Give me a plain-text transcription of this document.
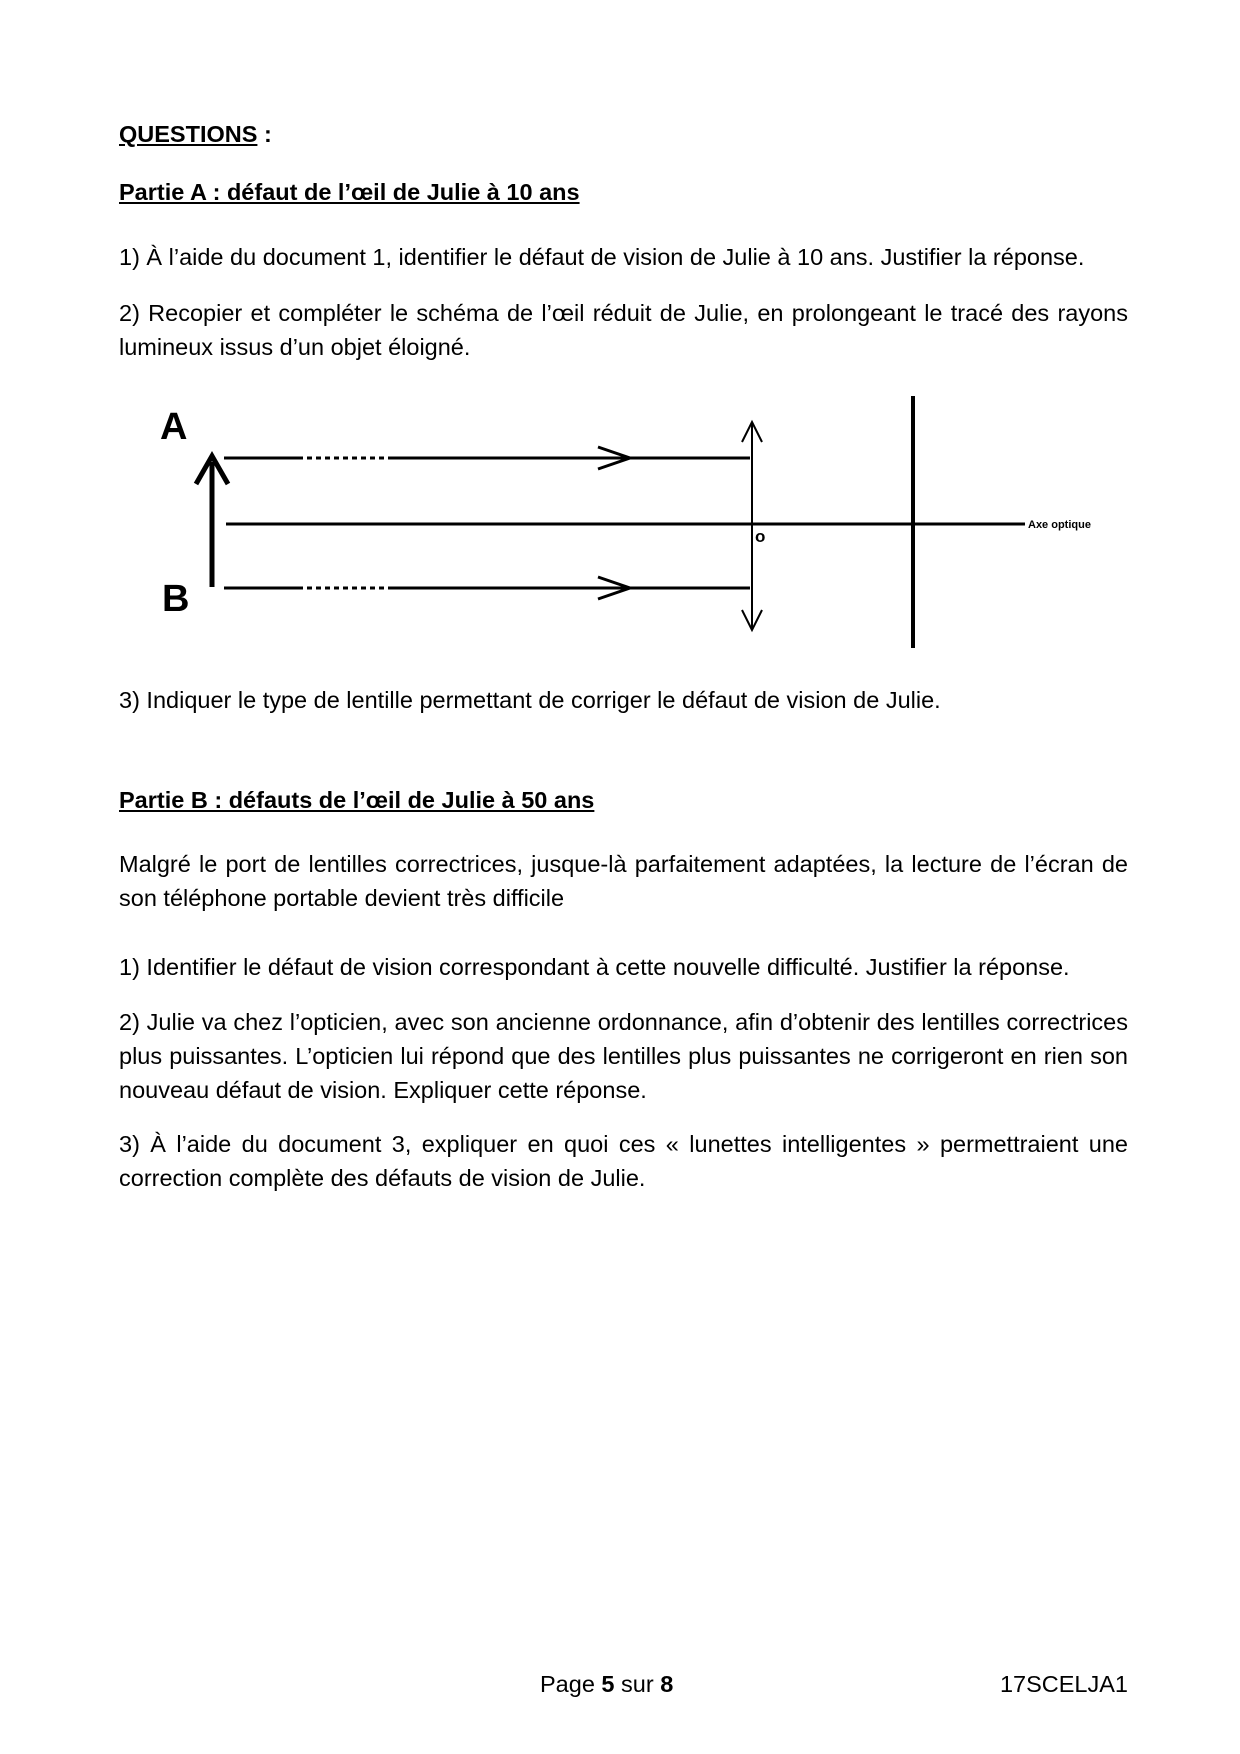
QUESTIONS :
Partie A : défaut de l’œil de Julie à 10 ans
1) À l’aide du document 1, identifier le défaut de vision de Julie à 10 ans. Justifier la réponse.
2) Recopier et compléter le schéma de l’œil réduit de Julie, en prolongeant le tracé des rayons lumineux issus d’un objet éloigné.
A
B
Axe optique
o
3) Indiquer le type de lentille permettant de corriger le défaut de vision de Julie.
Partie B : défauts de l’œil de Julie à 50 ans
Malgré le port de lentilles correctrices, jusque-là parfaitement adaptées, la lecture de l’écran de son téléphone portable devient très difficile
1) Identifier le défaut de vision correspondant à cette nouvelle difficulté. Justifier la réponse.
2) Julie va chez l’opticien, avec son ancienne ordonnance, afin d’obtenir des lentilles correctrices plus puissantes. L’opticien lui répond que des lentilles plus puissantes ne corrigeront en rien son nouveau défaut de vision. Expliquer cette réponse.
3) À l’aide du document 3, expliquer en quoi ces « lunettes intelligentes » permettraient une correction complète des défauts de vision de Julie.
Page 5 sur 8	17SCELJA1
